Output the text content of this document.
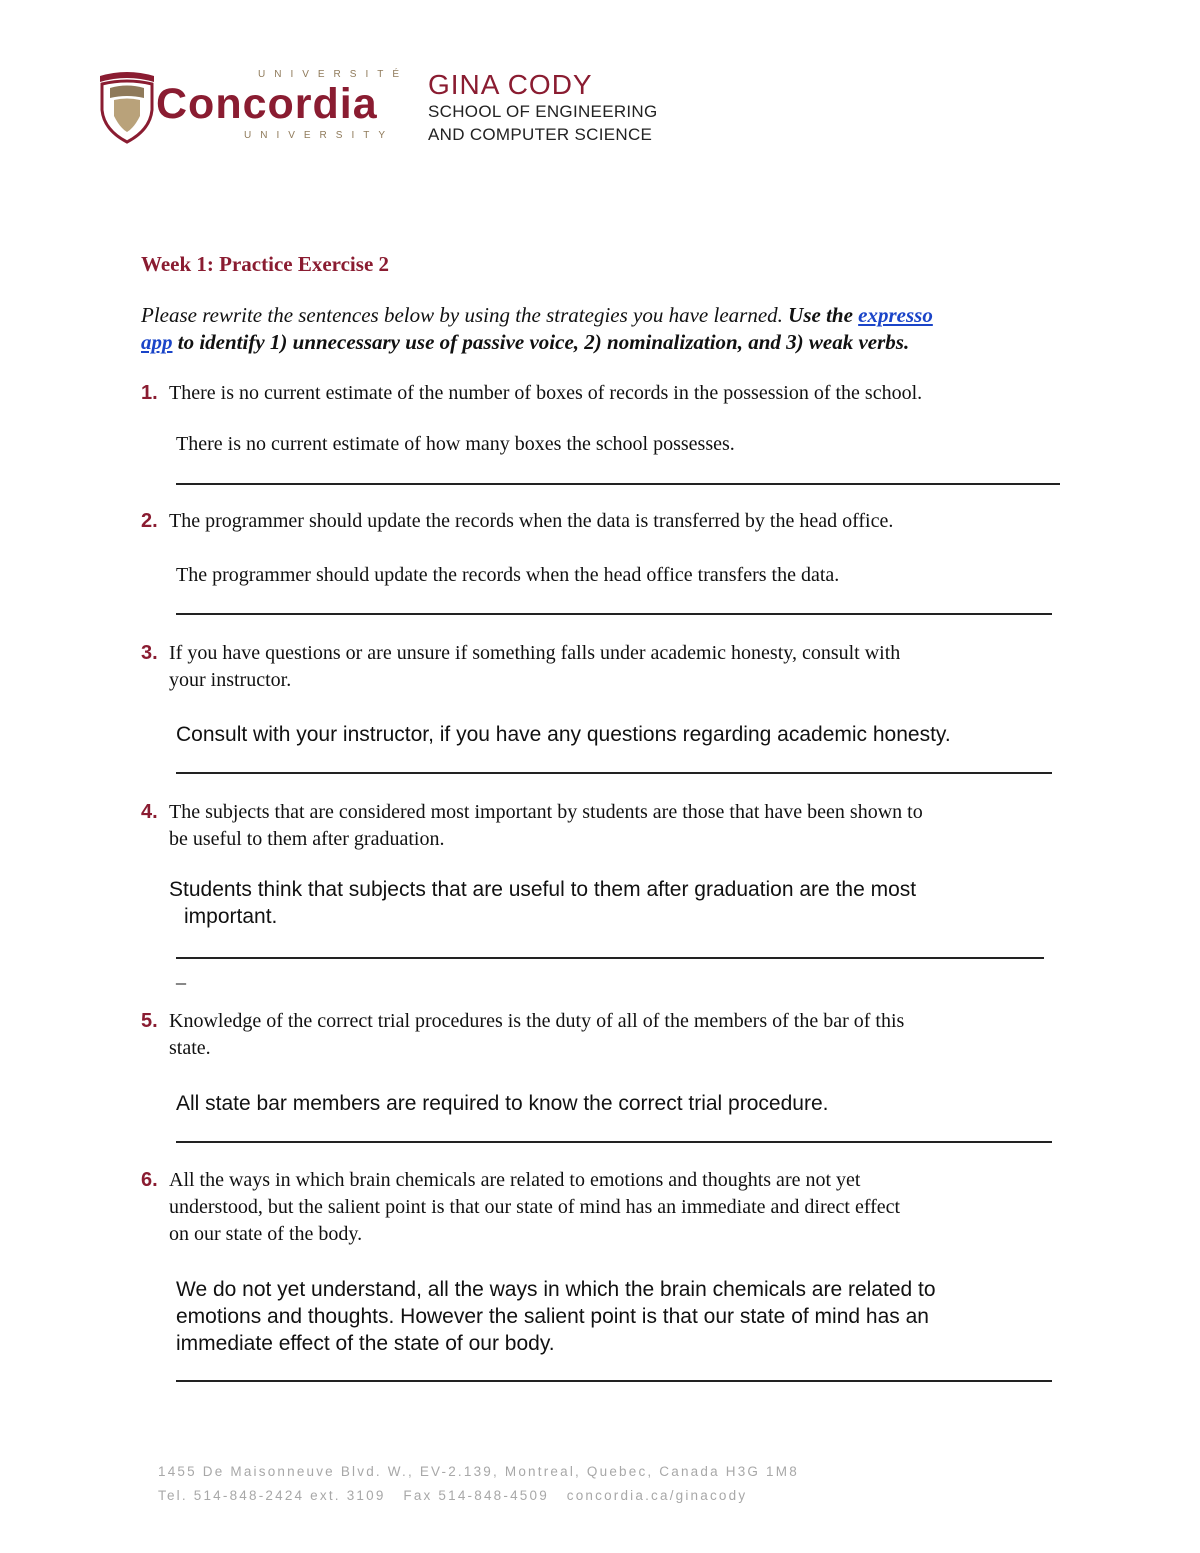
UNIVERSITÉ
Concordia
UNIVERSITY
GINA CODY
SCHOOL OF ENGINEERING
AND COMPUTER SCIENCE
Week 1: Practice Exercise 2
Please rewrite the sentences below by using the strategies you have learned. Use the expresso
app to identify 1) unnecessary use of passive voice, 2) nominalization, and 3) weak verbs.
1. There is no current estimate of the number of boxes of records in the possession of the school.
There is no current estimate of how many boxes the school possesses.
2. The programmer should update the records when the data is transferred by the head office.
The programmer should update the records when the head office transfers the data.
3. If you have questions or are unsure if something falls under academic honesty, consult with
your instructor.
Consult with your instructor, if you have any questions regarding academic honesty.
4. The subjects that are considered most important by students are those that have been shown to
be useful to them after graduation.
Students think that subjects that are useful to them after graduation are the most
important.
_
5. Knowledge of the correct trial procedures is the duty of all of the members of the bar of this
state.
All state bar members are required to know the correct trial procedure.
6. All the ways in which brain chemicals are related to emotions and thoughts are not yet
understood, but the salient point is that our state of mind has an immediate and direct effect
on our state of the body.
We do not yet understand, all the ways in which the brain chemicals are related to
emotions and thoughts. However the salient point is that our state of mind has an
immediate effect of the state of our body.
1455 De Maisonneuve Blvd. W., EV-2.139, Montreal, Quebec, Canada H3G 1M8
Tel. 514-848-2424 ext. 3109   Fax 514-848-4509   concordia.ca/ginacody
